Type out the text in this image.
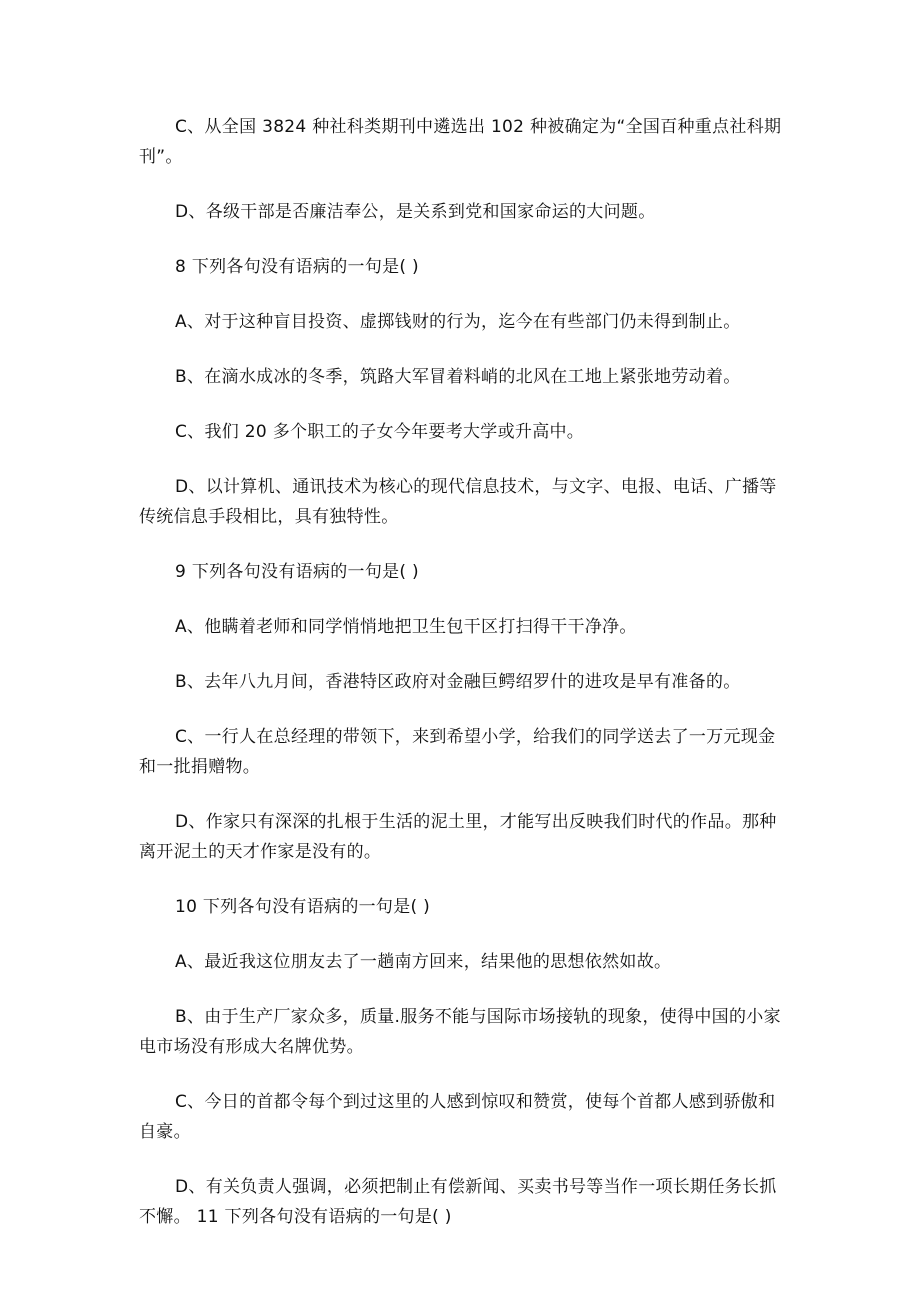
C、从全国 3824 种社科类期刊中遴选出 102 种被确定为“全国百种重点社科期刊”。

D、各级干部是否廉洁奉公，是关系到党和国家命运的大问题。

8 下列各句没有语病的一句是( )

A、对于这种盲目投资、虚掷钱财的行为，迄今在有些部门仍未得到制止。

B、在滴水成冰的冬季，筑路大军冒着料峭的北风在工地上紧张地劳动着。

C、我们 20 多个职工的子女今年要考大学或升高中。

D、以计算机、通讯技术为核心的现代信息技术，与文字、电报、电话、广播等传统信息手段相比，具有独特性。

9 下列各句没有语病的一句是( )

A、他瞒着老师和同学悄悄地把卫生包干区打扫得干干净净。

B、去年八九月间，香港特区政府对金融巨鳄绍罗什的进攻是早有准备的。

C、一行人在总经理的带领下，来到希望小学，给我们的同学送去了一万元现金和一批捐赠物。

D、作家只有深深的扎根于生活的泥土里，才能写出反映我们时代的作品。那种离开泥土的天才作家是没有的。

10 下列各句没有语病的一句是( )

A、最近我这位朋友去了一趟南方回来，结果他的思想依然如故。

B、由于生产厂家众多，质量.服务不能与国际市场接轨的现象，使得中国的小家电市场没有形成大名牌优势。

C、今日的首都令每个到过这里的人感到惊叹和赞赏，使每个首都人感到骄傲和自豪。

D、有关负责人强调，必须把制止有偿新闻、买卖书号等当作一项长期任务长抓不懈。 11 下列各句没有语病的一句是( )
